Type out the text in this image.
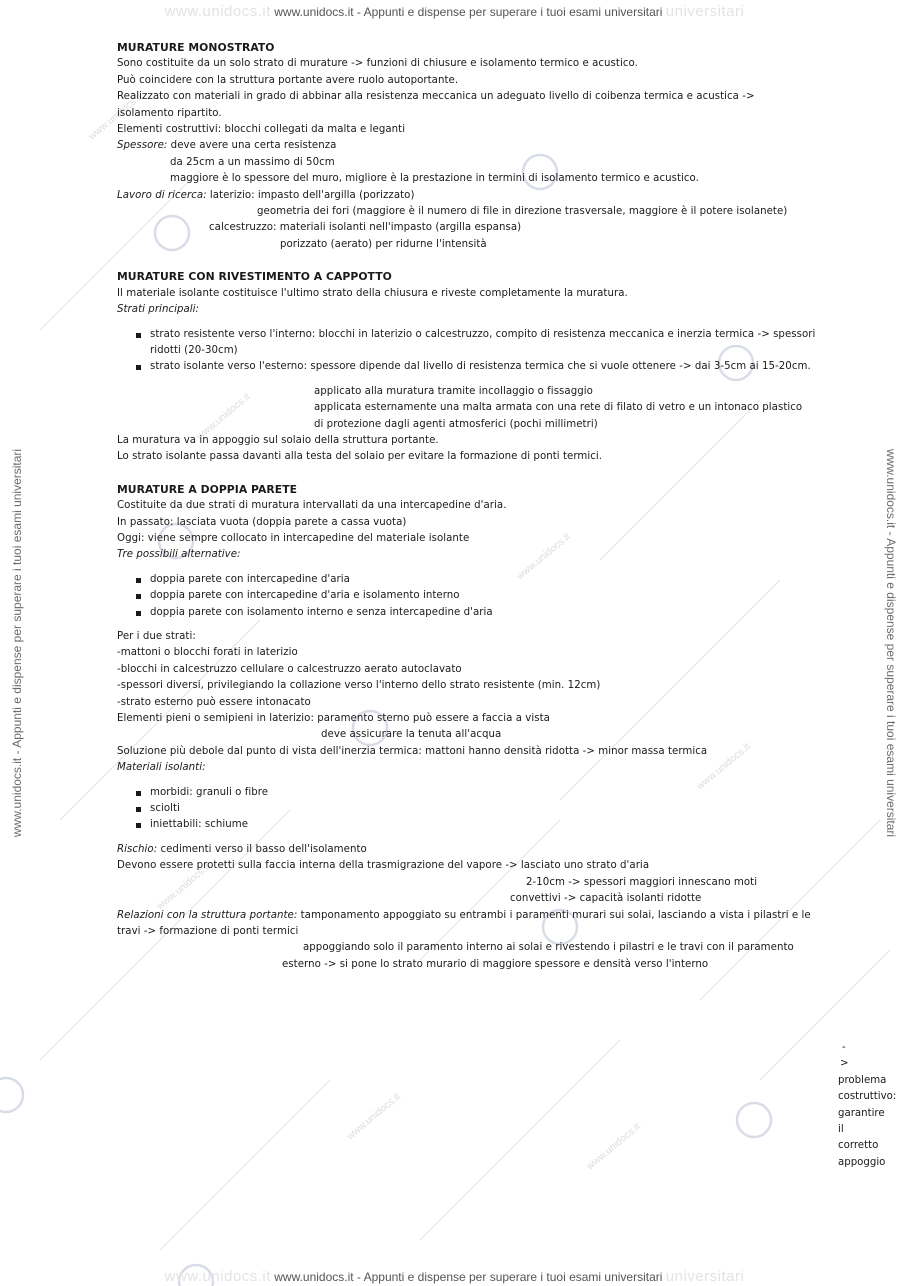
www.unidocs.it
www.unidocs.it
www.unidocs.it
www.unidocs.it
www.unidocs.it
www.unidocs.it
www.unidocs.it
www.unidocs.it www.unidocs.it - Appunti e dispense per superare i tuoi esami universitari universitari
www.unidocs.it - Appunti e dispense per superare i tuoi esami universitari	www.unidocs.it - Appunti e dispense per superare i tuoi esami universitari
MURATURE MONOSTRATO

Sono costituite da un solo strato di murature -> funzioni di chiusure e isolamento termico e acustico.

Può coincidere con la struttura portante avere ruolo autoportante.

Realizzato con materiali in grado di abbinar alla resistenza meccanica un adeguato livello di coibenza termica e acustica ->

isolamento ripartito.

Elementi costruttivi: blocchi collegati da malta e leganti

Spessore: deve avere una certa resistenza

da 25cm a un massimo di 50cm

maggiore è lo spessore del muro, migliore è la prestazione in termini di isolamento termico e acustico.

Lavoro di ricerca: laterizio: impasto dell'argilla (porizzato)

geometria dei fori (maggiore è il numero di file in direzione trasversale, maggiore è il potere isolanete)

calcestruzzo: materiali isolanti nell'impasto (argilla espansa)

porizzato (aerato) per ridurne l'intensità

MURATURE CON RIVESTIMENTO A CAPPOTTO

Il materiale isolante costituisce l'ultimo strato della chiusura e riveste completamente la muratura.

Strati principali:

strato resistente verso l'interno: blocchi in laterizio o calcestruzzo, compito di resistenza meccanica e inerzia termica -> spessori ridotti (20-30cm)
strato isolante verso l'esterno: spessore dipende dal livello di resistenza termica che si vuole ottenere -> dai 3-5cm ai 15-20cm.

applicato alla muratura tramite incollaggio o fissaggio

applicata esternamente una malta armata con una rete di filato di vetro e un intonaco plastico

di protezione dagli agenti atmosferici (pochi millimetri)

La muratura va in appoggio sul solaio della struttura portante.

Lo strato isolante passa davanti alla testa del solaio per evitare la formazione di ponti termici.

MURATURE A DOPPIA PARETE

Costituite da due strati di muratura intervallati da una intercapedine d'aria.

In passato: lasciata vuota (doppia parete a cassa vuota)

Oggi: viene sempre collocato in intercapedine del materiale isolante

Tre possibili alternative:

doppia parete con intercapedine d'aria
doppia parete con intercapedine d'aria e isolamento interno
doppia parete con isolamento interno e senza intercapedine d'aria

Per i due strati:

-mattoni o blocchi forati in laterizio

-blocchi in calcestruzzo cellulare o calcestruzzo aerato autoclavato

-spessori diversi, privilegiando la collazione verso l'interno dello strato resistente (min. 12cm)

-strato esterno può essere intonacato

Elementi pieni o semipieni in laterizio: paramento sterno può essere a faccia a vista

deve assicurare la tenuta all'acqua

Soluzione più debole dal punto di vista dell'inerzia termica: mattoni hanno densità ridotta -> minor massa termica

Materiali isolanti:

morbidi: granuli o fibre
sciolti
iniettabili: schiume

Rischio: cedimenti verso il basso dell'isolamento

Devono essere protetti sulla faccia interna della trasmigrazione del vapore -> lasciato uno strato d'aria

2-10cm -> spessori maggiori innescano moti

convettivi -> capacità isolanti ridotte

Relazioni con la struttura portante: tamponamento appoggiato su entrambi i paramenti murari sui solai, lasciando a vista i pilastri e le travi -> formazione di ponti termici

appoggiando solo il paramento interno ai solai e rivestendo i pilastri e le travi con il paramento

esterno -> si pone lo strato murario di maggiore spessore e densità verso l'interno

-
>
problema
costruttivo:
garantire
il
corretto
appoggio
www.unidocs.it www.unidocs.it - Appunti e dispense per superare i tuoi esami universitari universitari
